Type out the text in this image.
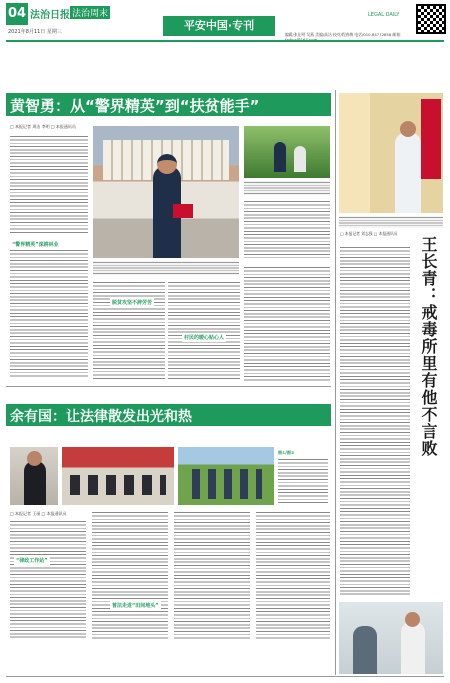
04 法治日报 法治周末
2021年8月11日 星期三	平安中国·专刊
编辑/张仕明 吴燕 美编/高洁 校对/程春梅 电话/010-84772858 邮箱：
LEGAL DAILY
黄智勇：从“警界精英”到“扶贫能手”
□ 本报记者 周洁 李明 □ 本报通讯员
“警界精英”深耕林业
脱贫攻坚不辞劳苦
村民的暖心贴心人
余有国：让法律散发出光和热
图①/图②
□ 本报记者 王丽 □ 本报通讯员
“律政工作站”
普法走进“田间地头”
□ 本报记者 刘志强 □ 本报通讯员
王长青：戒毒所里有他不言败
